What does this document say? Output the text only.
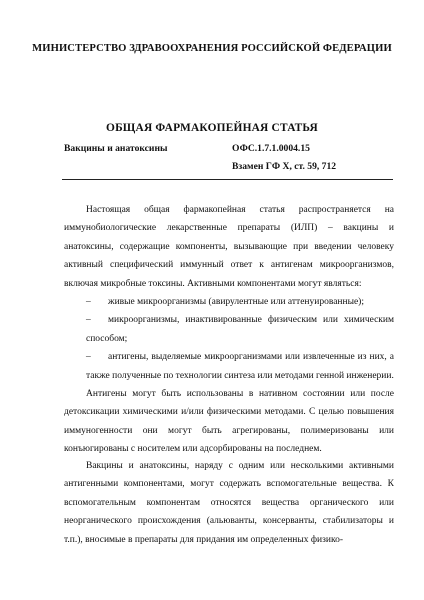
МИНИСТЕРСТВО ЗДРАВООХРАНЕНИЯ РОССИЙСКОЙ ФЕДЕРАЦИИ
ОБЩАЯ ФАРМАКОПЕЙНАЯ СТАТЬЯ
Вакцины и анатоксины	ОФС.1.7.1.0004.15
Взамен ГФ X, ст. 59, 712

Настоящая общая фармакопейная статья распространяется на иммунобиологические лекарственные препараты (ИЛП) – вакцины и анатоксины, содержащие компоненты, вызывающие при введении человеку активный специфический иммунный ответ к антигенам микроорганизмов, включая микробные токсины. Активными компонентами могут являться:

– живые микроорганизмы (авирулентные или аттенуированные);
– микроорганизмы, инактивированные физическим или химическим способом;
– антигены, выделяемые микроорганизмами или извлеченные из них, а также полученные по технологии синтеза или методами генной инженерии.

Антигены могут быть использованы в нативном состоянии или после детоксикации химическими и/или физическими методами. С целью повышения иммуногенности они могут быть агрегированы, полимеризованы или конъюгированы с носителем или адсорбированы на последнем.

Вакцины и анатоксины, наряду с одним или несколькими активными антигенными компонентами, могут содержать вспомогательные вещества. К вспомогательным компонентам относятся вещества органического или неорганического происхождения (альюванты, консерванты, стабилизаторы и т.п.), вносимые в препараты для придания им определенных физико-
